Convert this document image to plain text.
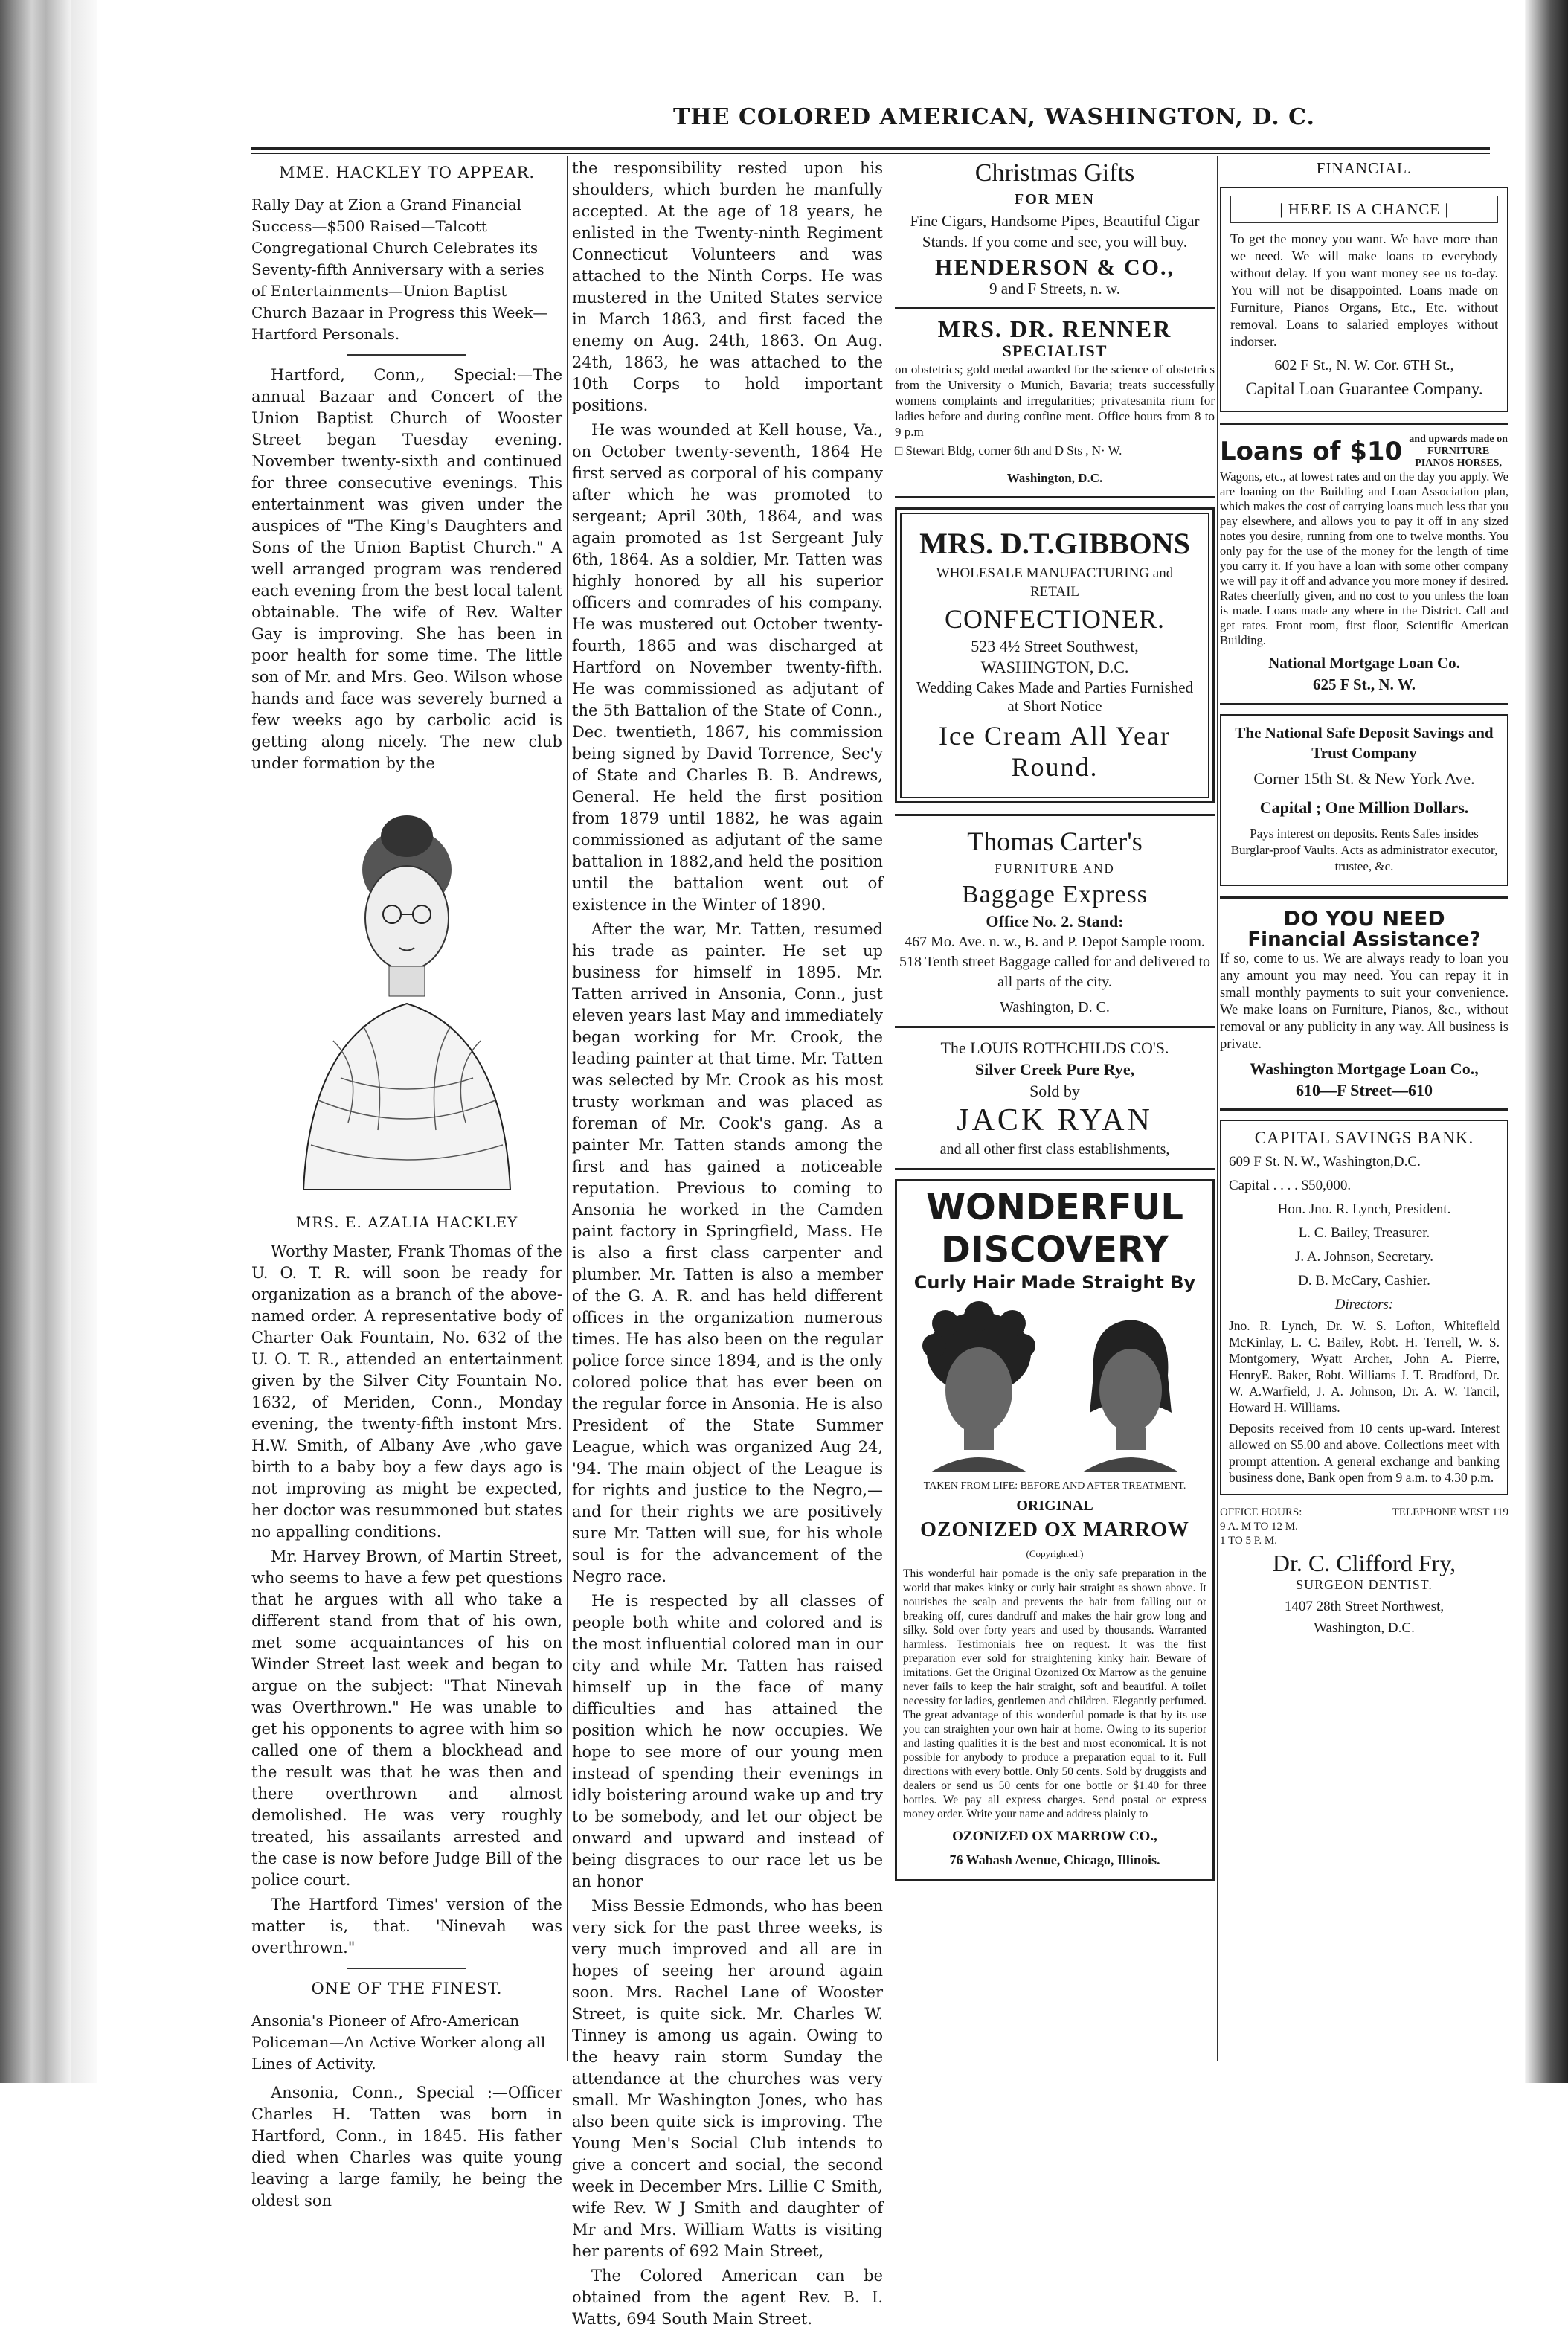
THE COLORED AMERICAN, WASHINGTON, D. C.
MME. HACKLEY TO APPEAR.
Rally Day at Zion a Grand Financial Success—$500 Raised—Talcott Congregational Church Celebrates its Seventy-fifth Anniversary with a series of Entertainments—Union Baptist Church Bazaar in Progress this Week—Hartford Personals.

Hartford, Conn,, Special:—The annual Bazaar and Concert of the Union Baptist Church of Wooster Street began Tuesday evening. November twenty-sixth and continued for three consecutive evenings. This entertainment was given under the auspices of "The King's Daughters and Sons of the Union Baptist Church." A well arranged program was rendered each evening from the best local talent obtainable. The wife of Rev. Walter Gay is improving. She has been in poor health for some time. The little son of Mr. and Mrs. Geo. Wilson whose hands and face was severely burned a few weeks ago by carbolic acid is getting along nicely. The new club under formation by the

MRS. E. AZALIA HACKLEY

Worthy Master, Frank Thomas of the U. O. T. R. will soon be ready for organization as a branch of the above-named order. A representative body of Charter Oak Fountain, No. 632 of the U. O. T. R., attended an entertainment given by the Silver City Fountain No. 1632, of Meriden, Conn., Monday evening, the twenty-fifth instont Mrs. H.W. Smith, of Albany Ave ,who gave birth to a baby boy a few days ago is not improving as might be expected, her doctor was resummoned but states no appalling conditions.

Mr. Harvey Brown, of Martin Street, who seems to have a few pet questions that he argues with all who take a different stand from that of his own, met some acquaintances of his on Winder Street last week and began to argue on the subject: "That Ninevah was Overthrown." He was unable to get his opponents to agree with him so called one of them a blockhead and the result was that he was then and there overthrown and almost demolished. He was very roughly treated, his assailants arrested and the case is now before Judge Bill of the police court.

The Hartford Times' version of the matter is, that. 'Ninevah was overthrown."

ONE OF THE FINEST.
Ansonia's Pioneer of Afro-American Policeman—An Active Worker along all Lines of Activity.

Ansonia, Conn., Special :—Officer Charles H. Tatten was born in Hartford, Conn., in 1845. His father died when Charles was quite young leaving a large family, he being the oldest son

the responsibility rested upon his shoulders, which burden he manfully accepted. At the age of 18 years, he enlisted in the Twenty-ninth Regiment Connecticut Volunteers and was attached to the Ninth Corps. He was mustered in the United States service in March 1863, and first faced the enemy on Aug. 24th, 1863. On Aug. 24th, 1863, he was attached to the 10th Corps to hold important positions.

He was wounded at Kell house, Va., on October twenty-seventh, 1864 He first served as corporal of his company after which he was promoted to sergeant; April 30th, 1864, and was again promoted as 1st Sergeant July 6th, 1864. As a soldier, Mr. Tatten was highly honored by all his superior officers and comrades of his company. He was mustered out October twenty-fourth, 1865 and was discharged at Hartford on November twenty-fifth. He was commissioned as adjutant of the 5th Battalion of the State of Conn., Dec. twentieth, 1867, his commission being signed by David Torrence, Sec'y of State and Charles B. B. Andrews, General. He held the first position from 1879 until 1882, he was again commissioned as adjutant of the same battalion in 1882,and held the position until the battalion went out of existence in the Winter of 1890.

After the war, Mr. Tatten, resumed his trade as painter. He set up business for himself in 1895. Mr. Tatten arrived in Ansonia, Conn., just eleven years last May and immediately began working for Mr. Crook, the leading painter at that time. Mr. Tatten was selected by Mr. Crook as his most trusty workman and was placed as foreman of Mr. Cook's gang. As a painter Mr. Tatten stands among the first and has gained a noticeable reputation. Previous to coming to Ansonia he worked in the Camden paint factory in Springfield, Mass. He is also a first class carpenter and plumber. Mr. Tatten is also a member of the G. A. R. and has held different offices in the organization numerous times. He has also been on the regular police force since 1894, and is the only colored police that has ever been on the regular force in Ansonia. He is also President of the State Summer League, which was organized Aug 24, '94. The main object of the League is for rights and justice to the Negro,—and for their rights we are positively sure Mr. Tatten will sue, for his whole soul is for the advancement of the Negro race.

He is respected by all classes of people both white and colored and is the most influential colored man in our city and while Mr. Tatten has raised himself up in the face of many difficulties and has attained the position which he now occupies. We hope to see more of our young men instead of spending their evenings in idly boistering around wake up and try to be somebody, and let our object be onward and upward and instead of being disgraces to our race let us be an honor

Miss Bessie Edmonds, who has been very sick for the past three weeks, is very much improved and all are in hopes of seeing her around again soon. Mrs. Rachel Lane of Wooster Street, is quite sick. Mr. Charles W. Tinney is among us again. Owing to the heavy rain storm Sunday the attendance at the churches was very small. Mr Washington Jones, who has also been quite sick is improving. The Young Men's Social Club intends to give a concert and social, the second week in December Mrs. Lillie C Smith, wife Rev. W J Smith and daughter of Mr and Mrs. William Watts is visiting her parents of 692 Main Street,

The Colored American can be obtained from the agent Rev. B. I. Watts, 694 South Main Street.

Christmas Gifts
FOR MEN
Fine Cigars, Handsome Pipes, Beautiful Cigar Stands. If you come and see, you will buy.
HENDERSON & CO.,
9 and F Streets, n. w.
MRS. DR. RENNER
SPECIALIST
on obstetrics; gold medal awarded for the science of obstetrics from the University o Munich, Bavaria; treats successfully womens complaints and irregularities; privatesanita rium for ladies before and during confine ment. Office hours from 8 to 9 p.m
□ Stewart Bldg, corner 6th and D Sts , N· W.
Washington, D.C.

MRS. D.T.GIBBONS

WHOLESALE MANUFACTURING and RETAIL

CONFECTIONER.

523 4½ Street Southwest,

WASHINGTON, D.C.

Wedding Cakes Made and Parties Furnished at Short Notice

Ice Cream All Year Round.

Thomas Carter's
FURNITURE AND
Baggage Express
Office No. 2. Stand:
467 Mo. Ave. n. w., B. and P. Depot Sample room. 518 Tenth street Baggage called for and delivered to all parts of the city.
Washington, D. C.
The LOUIS ROTHCHILDS CO'S.
Silver Creek Pure Rye,
Sold by
JACK RYAN
and all other first class establishments,

WONDERFUL

DISCOVERY

Curly Hair Made Straight By

TAKEN FROM LIFE: BEFORE AND AFTER TREATMENT.

ORIGINAL

OZONIZED OX MARROW

(Copyrighted.)

This wonderful hair pomade is the only safe preparation in the world that makes kinky or curly hair straight as shown above. It nourishes the scalp and prevents the hair from falling out or breaking off, cures dandruff and makes the hair grow long and silky. Sold over forty years and used by thousands. Warranted harmless. Testimonials free on request. It was the first preparation ever sold for straightening kinky hair. Beware of imitations. Get the Original Ozonized Ox Marrow as the genuine never fails to keep the hair straight, soft and beautiful. A toilet necessity for ladies, gentlemen and children. Elegantly perfumed. The great advantage of this wonderful pomade is that by its use you can straighten your own hair at home. Owing to its superior and lasting qualities it is the best and most economical. It is not possible for anybody to produce a preparation equal to it. Full directions with every bottle. Only 50 cents. Sold by druggists and dealers or send us 50 cents for one bottle or $1.40 for three bottles. We pay all express charges. Send postal or express money order. Write your name and address plainly to

OZONIZED OX MARROW CO.,

76 Wabash Avenue, Chicago, Illinois.

FINANCIAL.

| HERE IS A CHANCE |

To get the money you want. We have more than we need. We will make loans to everybody without delay. If you want money see us to-day. You will not be disappointed. Loans made on Furniture, Pianos Organs, Etc., Etc. without removal. Loans to salaried employes without indorser.

602 F St., N. W. Cor. 6TH St.,

Capital Loan Guarantee Company.

Loans of $10 and upwards made on FURNITURE PIANOS HORSES,
Wagons, etc., at lowest rates and on the day you apply. We are loaning on the Building and Loan Association plan, which makes the cost of carrying loans much less that you pay elsewhere, and allows you to pay it off in any sized notes you desire, running from one to twelve months. You only pay for the use of the money for the length of time you carry it. If you have a loan with some other company we will pay it off and advance you more money if desired. Rates cheerfully given, and no cost to you unless the loan is made. Loans made any where in the District. Call and get rates. Front room, first floor, Scientific American Building.
National Mortgage Loan Co.
625 F St., N. W.

The National Safe Deposit Savings and Trust Company

Corner 15th St. & New York Ave.

Capital ; One Million Dollars.

Pays interest on deposits. Rents Safes insides Burglar-proof Vaults. Acts as administrator executor, trustee, &c.

DO YOU NEED
Financial Assistance?
If so, come to us. We are always ready to loan you any amount you may need. You can repay it in small monthly payments to suit your convenience. We make loans on Furniture, Pianos, &c., without removal or any publicity in any way. All business is private.
Washington Mortgage Loan Co.,
610—F Street—610

CAPITAL SAVINGS BANK.

609 F St. N. W., Washington,D.C.

Capital . . . . $50,000.

Hon. Jno. R. Lynch, President.

L. C. Bailey, Treasurer.

J. A. Johnson, Secretary.

D. B. McCary, Cashier.

Directors:

Jno. R. Lynch, Dr. W. S. Lofton, Whitefield McKinlay, L. C. Bailey, Robt. H. Terrell, W. S. Montgomery, Wyatt Archer, John A. Pierre, HenryE. Baker, Robt. Williams J. T. Bradford, Dr. W. A.Warfield, J. A. Johnson, Dr. A. W. Tancil, Howard H. Williams.

Deposits received from 10 cents up-ward. Interest allowed on $5.00 and above. Collections meet with prompt attention. A general exchange and banking business done, Bank open from 9 a.m. to 4.30 p.m.

OFFICE HOURS:
9 A. M TO 12 M.
1 TO 5 P. M.
TELEPHONE WEST 119
Dr. C. Clifford Fry,
SURGEON DENTIST.
1407 28th Street Northwest,
Washington, D.C.
